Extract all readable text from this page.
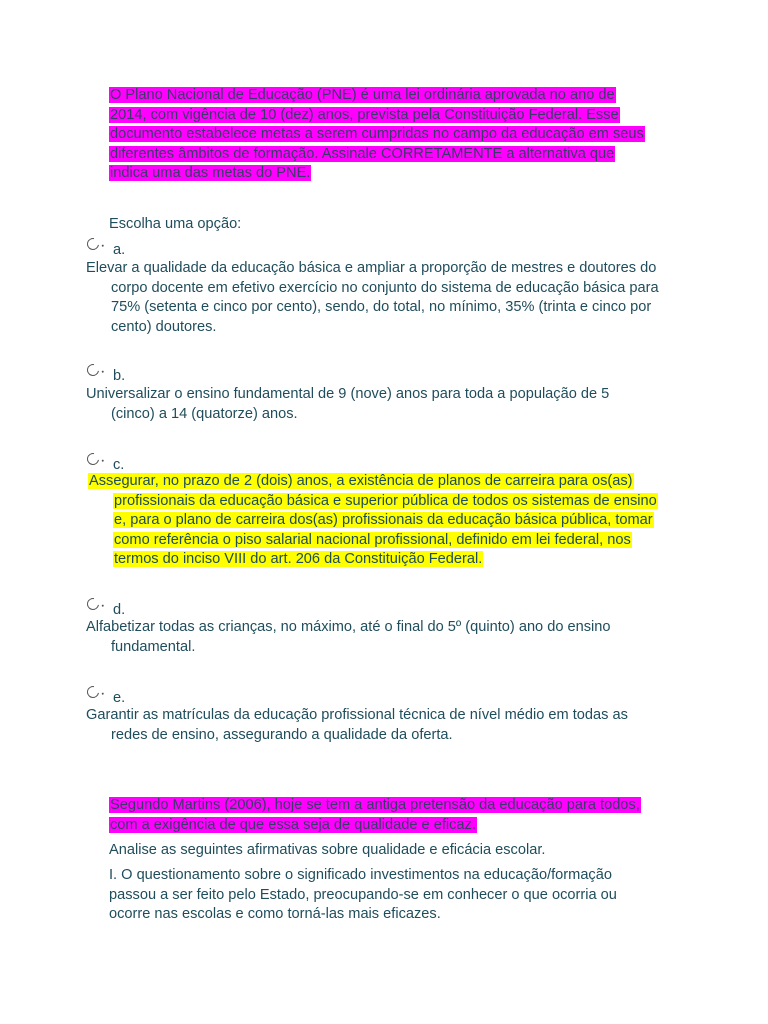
O Plano Nacional de Educação (PNE) é uma lei ordinária aprovada no ano de 2014, com vigência de 10 (dez) anos, prevista pela Constituição Federal. Esse documento estabelece metas a serem cumpridas no campo da educação em seus diferentes âmbitos de formação. Assinale CORRETAMENTE a alternativa que indica uma das metas do PNE.

Escolha uma opção:
a.

Elevar a qualidade da educação básica e ampliar a proporção de mestres e doutores do corpo docente em efetivo exercício no conjunto do sistema de educação básica para 75% (setenta e cinco por cento), sendo, do total, no mínimo, 35% (trinta e cinco por cento) doutores.

b.

Universalizar o ensino fundamental de 9 (nove) anos para toda a população de 5 (cinco) a 14 (quatorze) anos.

c.

Assegurar, no prazo de 2 (dois) anos, a existência de planos de carreira para os(as) profissionais da educação básica e superior pública de todos os sistemas de ensino e, para o plano de carreira dos(as) profissionais da educação básica pública, tomar como referência o piso salarial nacional profissional, definido em lei federal, nos termos do inciso VIII do art. 206 da Constituição Federal.

d.

Alfabetizar todas as crianças, no máximo, até o final do 5º (quinto) ano do ensino fundamental.

e.

Garantir as matrículas da educação profissional técnica de nível médio em todas as redes de ensino, assegurando a qualidade da oferta.

Segundo Martins (2006), hoje se tem a antiga pretensão da educação para todos, com a exigência de que essa seja de qualidade e eficaz.

Analise as seguintes afirmativas sobre qualidade e eficácia escolar.
I. O questionamento sobre o significado investimentos na educação/formação passou a ser feito pelo Estado, preocupando-se em conhecer o que ocorria ou ocorre nas escolas e como torná-las mais eficazes.
